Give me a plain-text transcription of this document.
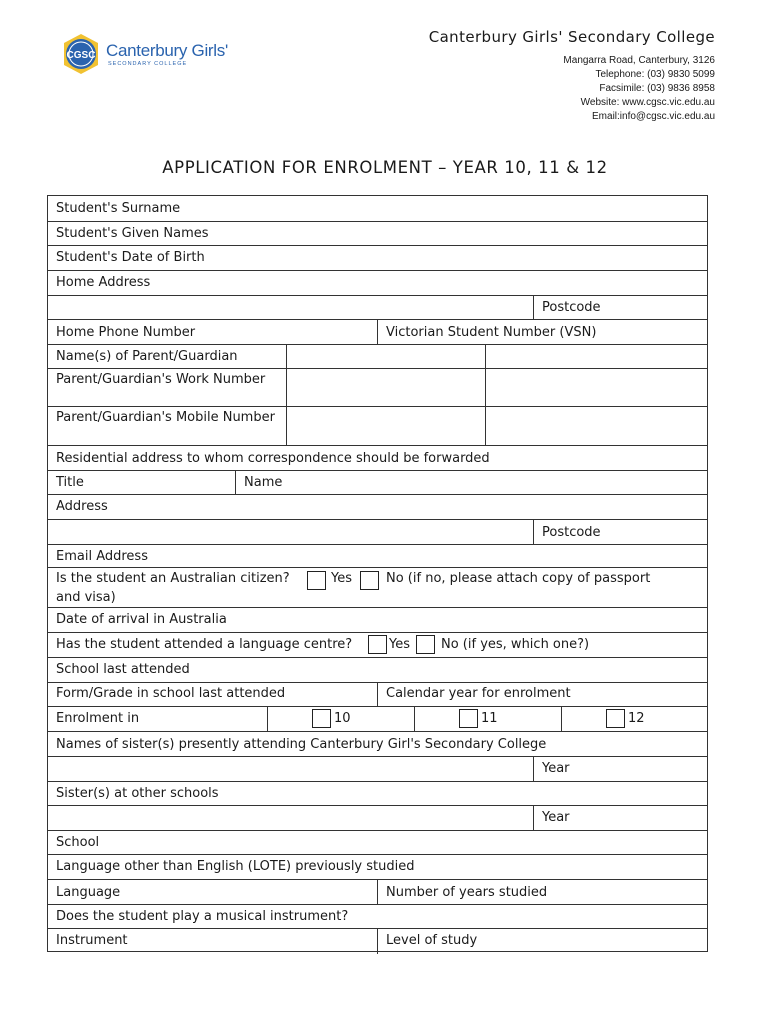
CGSC Canterbury Girls'
SECONDARY COLLEGE
Canterbury Girls' Secondary College
Mangarra Road, Canterbury, 3126
Telephone: (03) 9830 5099
Facsimile: (03) 9836 8958
Website: www.cgsc.vic.edu.au
Email:info@cgsc.vic.edu.au
APPLICATION FOR ENROLMENT – YEAR 10, 11 & 12
Student's Surname
Student's Given Names
Student's Date of Birth
Home Address
Postcode
Home Phone Number	Victorian Student Number (VSN)
Name(s) of Parent/Guardian
Parent/Guardian's Work Number
Parent/Guardian's Mobile Number
Residential address to whom correspondence should be forwarded
Title	Name
Address
Postcode
Email Address
Is the student an Australian citizen?	Yes	No (if no, please attach copy of passport
and visa)
Date of arrival in Australia
Has the student attended a language centre?	Yes No (if yes, which one?)
School last attended
Form/Grade in school last attended	Calendar year for enrolment
Enrolment in	10	11	12
Names of sister(s) presently attending Canterbury Girl's Secondary College
Year
Sister(s) at other schools
Year
School
Language other than English (LOTE) previously studied
Language	Number of years studied
Does the student play a musical instrument?
Instrument	Level of study
